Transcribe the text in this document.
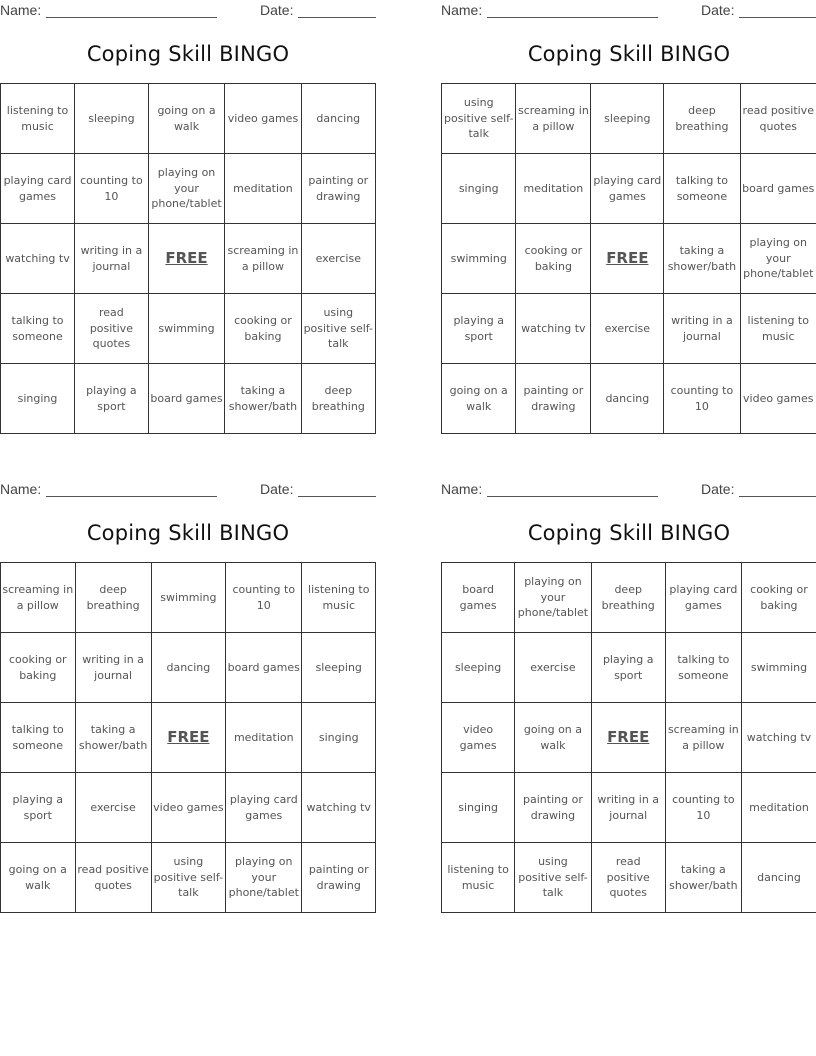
Name:	Date:
Coping Skill BINGO
listening to music	sleeping	going on a walk	video games	dancing
playing card games	counting to 10	playing on your phone/tablet	meditation	painting or drawing
watching tv	writing in a journal	FREE	screaming in a pillow	exercise
talking to someone	read positive quotes	swimming	cooking or baking	using positive self-talk
singing	playing a sport	board games	taking a shower/bath	deep breathing
Name:	Date:
Coping Skill BINGO
using positive self-talk	screaming in a pillow	sleeping	deep breathing	read positive quotes
singing	meditation	playing card games	talking to someone	board games
swimming	cooking or baking	FREE	taking a shower/bath	playing on your phone/tablet
playing a sport	watching tv	exercise	writing in a journal	listening to music
going on a walk	painting or drawing	dancing	counting to 10	video games
Name:	Date:
Coping Skill BINGO
screaming in a pillow	deep breathing	swimming	counting to 10	listening to music
cooking or baking	writing in a journal	dancing	board games	sleeping
talking to someone	taking a shower/bath	FREE	meditation	singing
playing a sport	exercise	video games	playing card games	watching tv
going on a walk	read positive quotes	using positive self-talk	playing on your phone/tablet	painting or drawing
Name:	Date:
Coping Skill BINGO
board games	playing on your phone/tablet	deep breathing	playing card games	cooking or baking
sleeping	exercise	playing a sport	talking to someone	swimming
video games	going on a walk	FREE	screaming in a pillow	watching tv
singing	painting or drawing	writing in a journal	counting to 10	meditation
listening to music	using positive self-talk	read positive quotes	taking a shower/bath	dancing
